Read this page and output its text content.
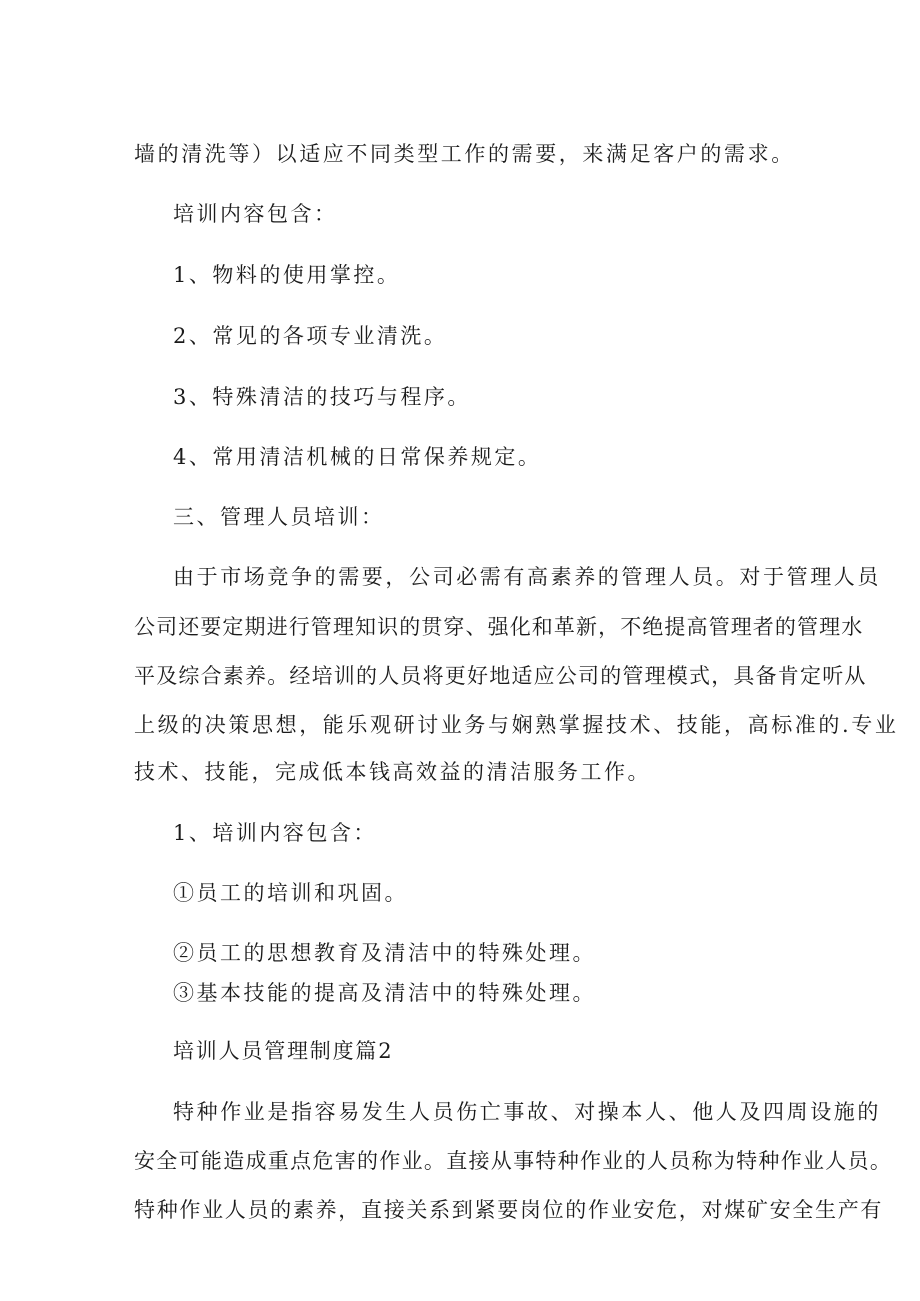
墙的清洗等）以适应不同类型工作的需要，来满足客户的需求。

培训内容包含：

1、物料的使用掌控。

2、常见的各项专业清洗。

3、特殊清洁的技巧与程序。

4、常用清洁机械的日常保养规定。

三、管理人员培训：

由于市场竞争的需要，公司必需有高素养的管理人员。对于管理人员

公司还要定期进行管理知识的贯穿、强化和革新，不绝提高管理者的管理水

平及综合素养。经培训的人员将更好地适应公司的管理模式，具备肯定听从

上级的决策思想，能乐观研讨业务与娴熟掌握技术、技能，高标准的.专业

技术、技能，完成低本钱高效益的清洁服务工作。

1、培训内容包含：

①员工的培训和巩固。

②员工的思想教育及清洁中的特殊处理。

③基本技能的提高及清洁中的特殊处理。

培训人员管理制度篇2

特种作业是指容易发生人员伤亡事故、对操本人、他人及四周设施的

安全可能造成重点危害的作业。直接从事特种作业的人员称为特种作业人员。

特种作业人员的素养，直接关系到紧要岗位的作业安危，对煤矿安全生产有
